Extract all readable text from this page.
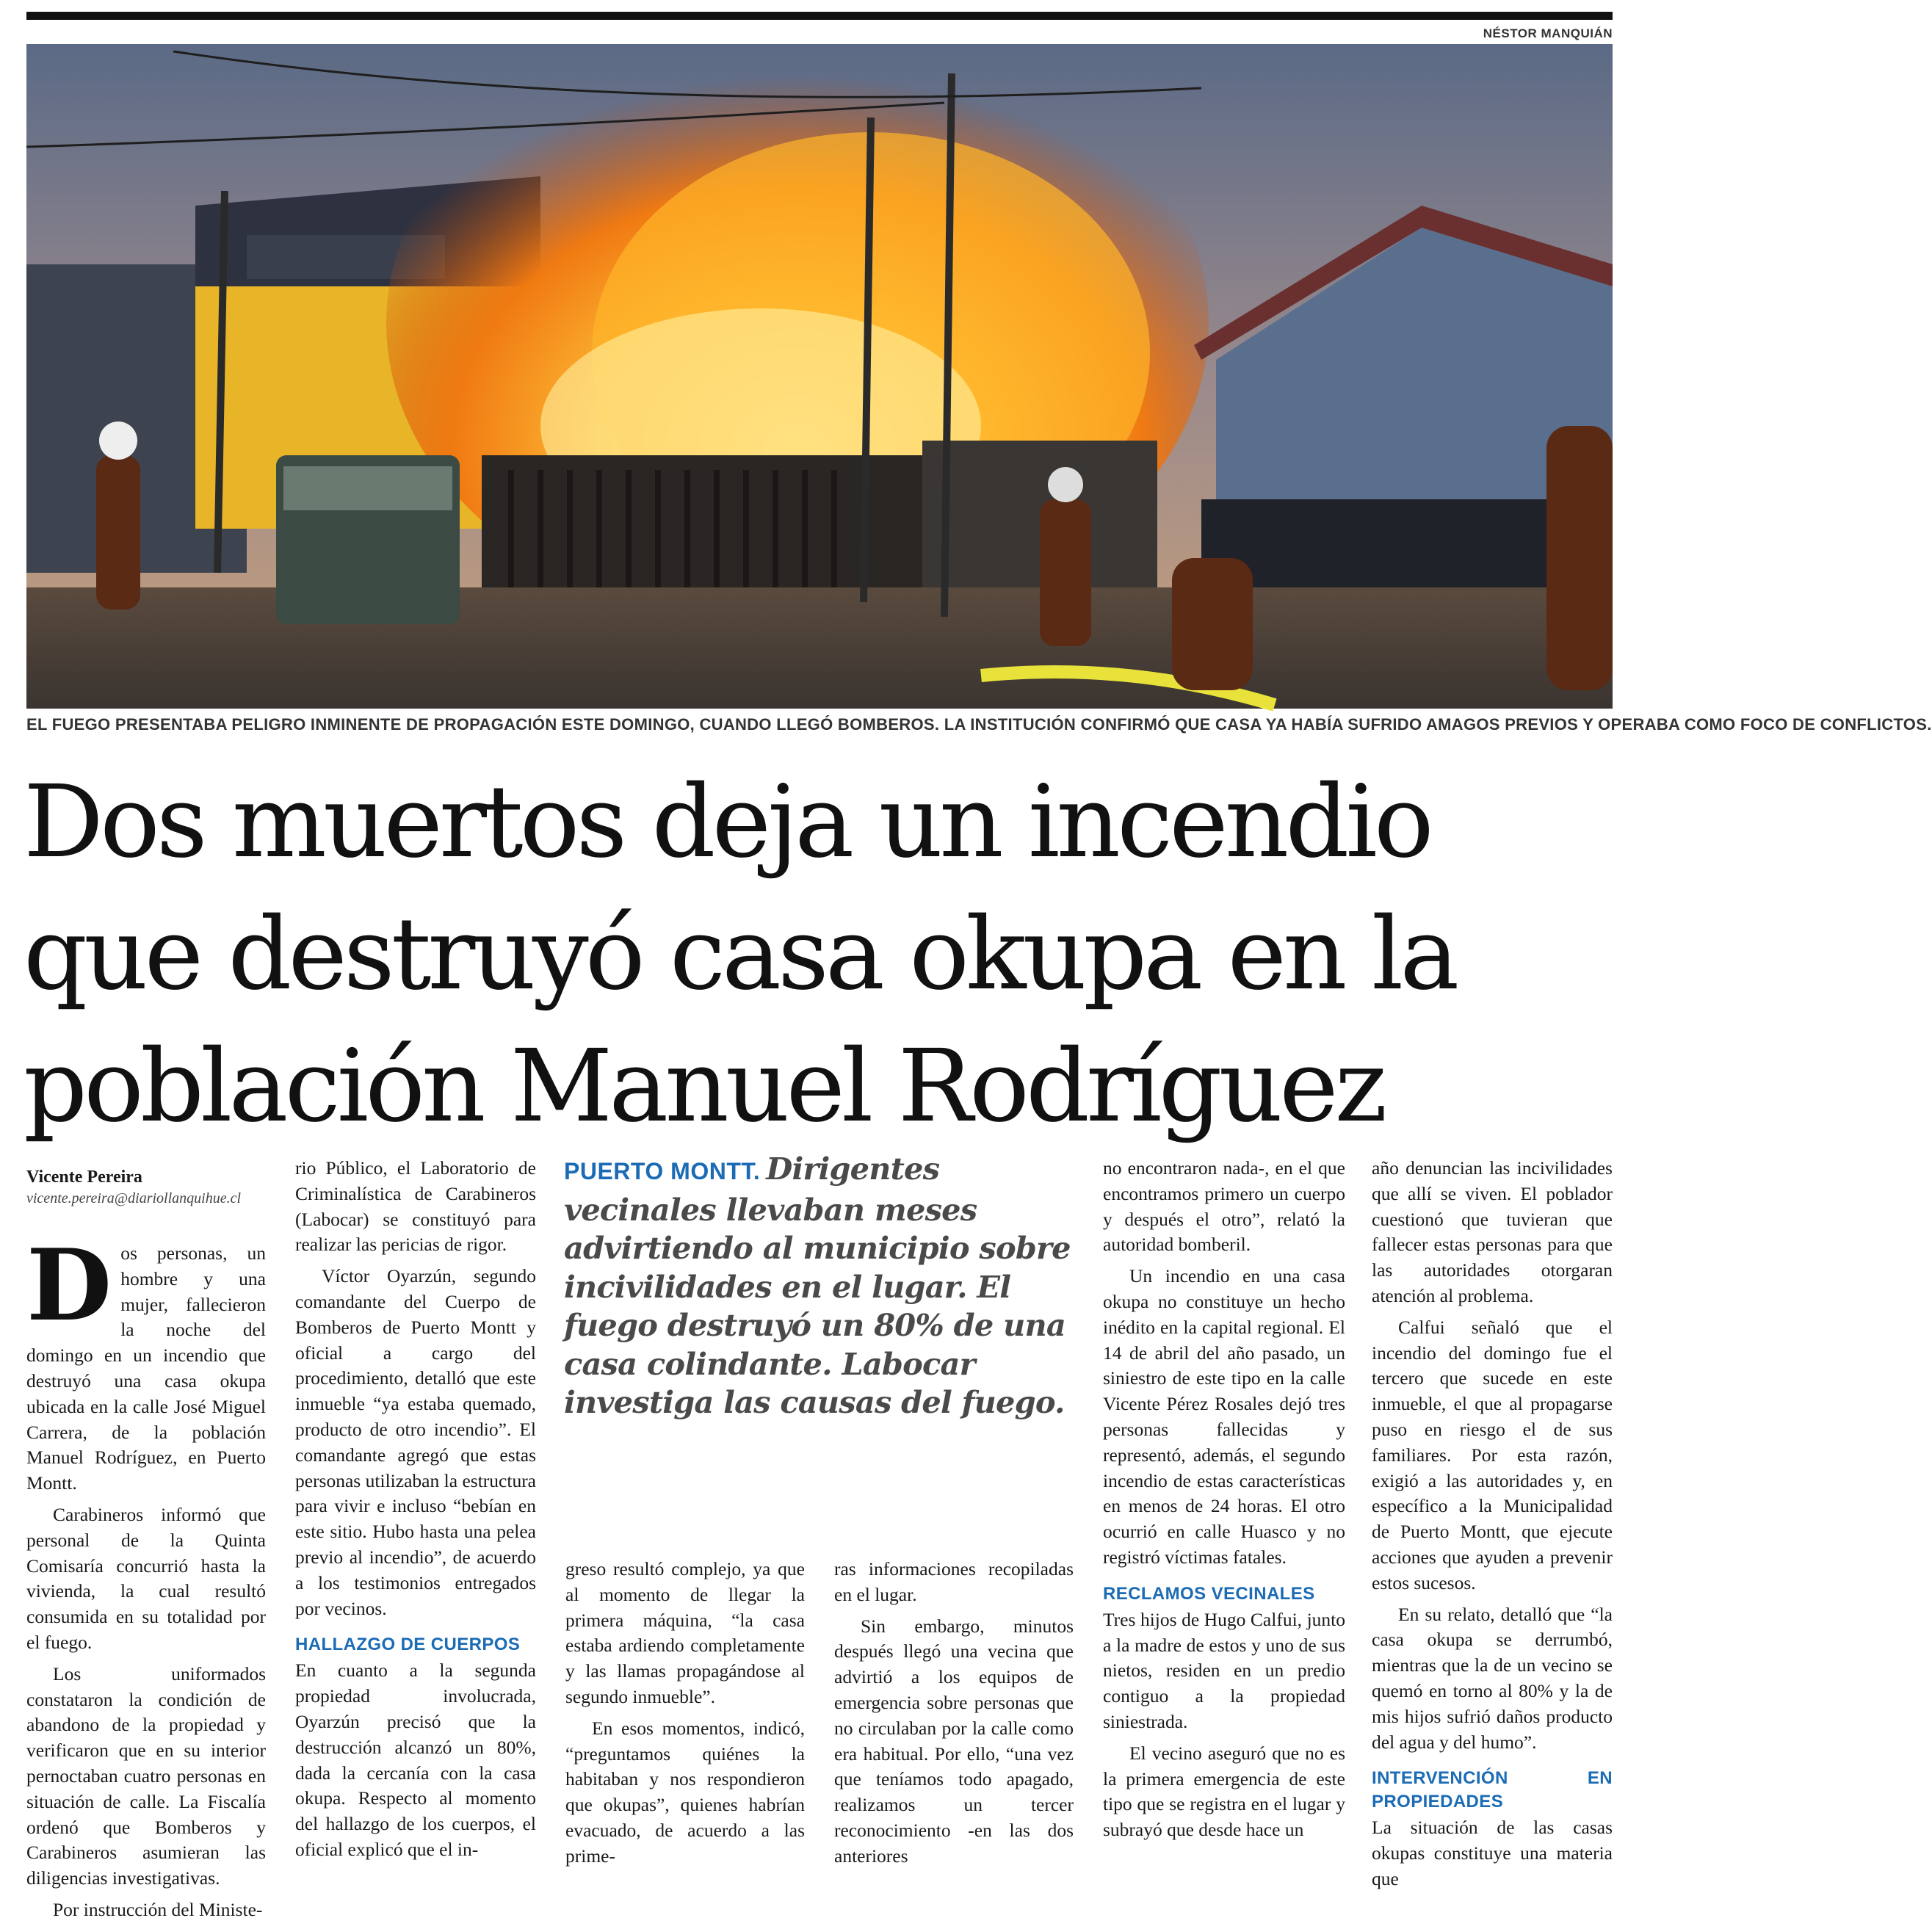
NÉSTOR MANQUIÁN
EL FUEGO PRESENTABA PELIGRO INMINENTE DE PROPAGACIÓN ESTE DOMINGO, CUANDO LLEGÓ BOMBEROS. LA INSTITUCIÓN CONFIRMÓ QUE CASA YA HABÍA SUFRIDO AMAGOS PREVIOS Y OPERABA COMO FOCO DE CONFLICTOS.
Dos muertos deja un incendio
que destruyó casa okupa en la
población Manuel Rodríguez
Vicente Pereira
vicente.pereira@diariollanquihue.cl

Dos personas, un hombre y una mujer, fallecieron la noche del domingo en un incendio que destruyó una casa okupa ubicada en la calle José Miguel Carrera, de la población Manuel Rodríguez, en Puerto Montt.

Carabineros informó que personal de la Quinta Comisaría concurrió hasta la vivienda, la cual resultó consumida en su totalidad por el fuego.

Los uniformados constataron la condición de abandono de la propiedad y verificaron que en su interior pernoctaban cuatro personas en situación de calle. La Fiscalía ordenó que Bomberos y Carabineros asumieran las diligencias investigativas.

Por instrucción del Ministe-

rio Público, el Laboratorio de Criminalística de Carabineros (Labocar) se constituyó para realizar las pericias de rigor.

Víctor Oyarzún, segundo comandante del Cuerpo de Bomberos de Puerto Montt y oficial a cargo del procedimiento, detalló que este inmueble “ya estaba quemado, producto de otro incendio”. El comandante agregó que estas personas utilizaban la estructura para vivir e incluso “bebían en este sitio. Hubo hasta una pelea previo al incendio”, de acuerdo a los testimonios entregados por vecinos.

HALLAZGO DE CUERPOS

En cuanto a la segunda propiedad involucrada, Oyarzún precisó que la destrucción alcanzó un 80%, dada la cercanía con la casa okupa. Respecto al momento del hallazgo de los cuerpos, el oficial explicó que el in-

PUERTO MONTT. Dirigentes vecinales llevaban meses advirtiendo al municipio sobre incivilidades en el lugar. El fuego destruyó un 80% de una casa colindante. Labocar investiga las causas del fuego.

greso resultó complejo, ya que al momento de llegar la primera máquina, “la casa estaba ardiendo completamente y las llamas propagándose al segundo inmueble”.

En esos momentos, indicó, “preguntamos quiénes la habitaban y nos respondieron que okupas”, quienes habrían evacuado, de acuerdo a las prime-

ras informaciones recopiladas en el lugar.

Sin embargo, minutos después llegó una vecina que advirtió a los equipos de emergencia sobre personas que no circulaban por la calle como era habitual. Por ello, “una vez que teníamos todo apagado, realizamos un tercer reconocimiento -en las dos anteriores

no encontraron nada-, en el que encontramos primero un cuerpo y después el otro”, relató la autoridad bomberil.

Un incendio en una casa okupa no constituye un hecho inédito en la capital regional. El 14 de abril del año pasado, un siniestro de este tipo en la calle Vicente Pérez Rosales dejó tres personas fallecidas y representó, además, el segundo incendio de estas características en menos de 24 horas. El otro ocurrió en calle Huasco y no registró víctimas fatales.

RECLAMOS VECINALES

Tres hijos de Hugo Calfui, junto a la madre de estos y uno de sus nietos, residen en un predio contiguo a la propiedad siniestrada.

El vecino aseguró que no es la primera emergencia de este tipo que se registra en el lugar y subrayó que desde hace un

año denuncian las incivilidades que allí se viven. El poblador cuestionó que tuvieran que fallecer estas personas para que las autoridades otorgaran atención al problema.

Calfui señaló que el incendio del domingo fue el tercero que sucede en este inmueble, el que al propagarse puso en riesgo el de sus familiares. Por esta razón, exigió a las autoridades y, en específico a la Municipalidad de Puerto Montt, que ejecute acciones que ayuden a prevenir estos sucesos.

En su relato, detalló que “la casa okupa se derrumbó, mientras que la de un vecino se quemó en torno al 80% y la de mis hijos sufrió daños producto del agua y del humo”.

INTERVENCIÓN EN PROPIEDADES

La situación de las casas okupas constituye una materia que
